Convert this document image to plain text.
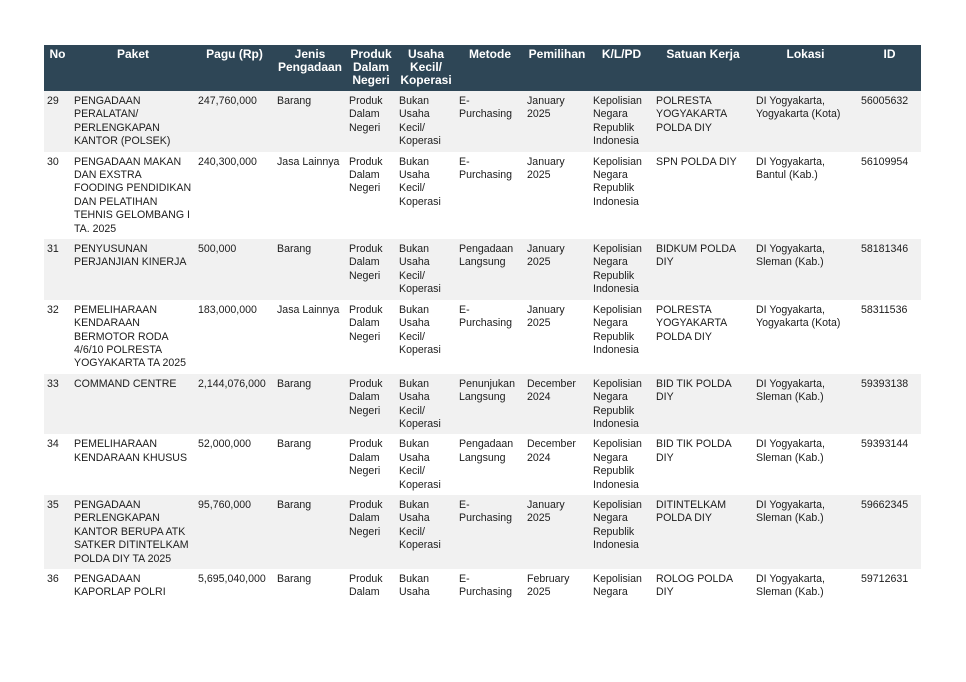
No	Paket	Pagu (Rp)	Jenis Pengadaan	Produk Dalam Negeri	Usaha Kecil/ Koperasi	Metode	Pemilihan	K/L/PD	Satuan Kerja	Lokasi	ID
29	PENGADAAN PERALATAN/ PERLENGKAPAN KANTOR (POLSEK)	247,760,000	Barang	Produk Dalam Negeri	Bukan Usaha Kecil/ Koperasi	E- Purchasing	January 2025	Kepolisian Negara Republik Indonesia	POLRESTA YOGYAKARTA POLDA DIY	DI Yogyakarta, Yogyakarta (Kota)	56005632
30	PENGADAAN MAKAN DAN EXSTRA FOODING PENDIDIKAN DAN PELATIHAN TEHNIS GELOMBANG I TA. 2025	240,300,000	Jasa Lainnya	Produk Dalam Negeri	Bukan Usaha Kecil/ Koperasi	E- Purchasing	January 2025	Kepolisian Negara Republik Indonesia	SPN POLDA DIY	DI Yogyakarta, Bantul (Kab.)	56109954
31	PENYUSUNAN PERJANJIAN KINERJA	500,000	Barang	Produk Dalam Negeri	Bukan Usaha Kecil/ Koperasi	Pengadaan Langsung	January 2025	Kepolisian Negara Republik Indonesia	BIDKUM POLDA DIY	DI Yogyakarta, Sleman (Kab.)	58181346
32	PEMELIHARAAN KENDARAAN BERMOTOR RODA 4/6/10 POLRESTA YOGYAKARTA TA 2025	183,000,000	Jasa Lainnya	Produk Dalam Negeri	Bukan Usaha Kecil/ Koperasi	E- Purchasing	January 2025	Kepolisian Negara Republik Indonesia	POLRESTA YOGYAKARTA POLDA DIY	DI Yogyakarta, Yogyakarta (Kota)	58311536
33	COMMAND CENTRE	2,144,076,000	Barang	Produk Dalam Negeri	Bukan Usaha Kecil/ Koperasi	Penunjukan Langsung	December 2024	Kepolisian Negara Republik Indonesia	BID TIK POLDA DIY	DI Yogyakarta, Sleman (Kab.)	59393138
34	PEMELIHARAAN KENDARAAN KHUSUS	52,000,000	Barang	Produk Dalam Negeri	Bukan Usaha Kecil/ Koperasi	Pengadaan Langsung	December 2024	Kepolisian Negara Republik Indonesia	BID TIK POLDA DIY	DI Yogyakarta, Sleman (Kab.)	59393144
35	PENGADAAN PERLENGKAPAN KANTOR BERUPA ATK SATKER DITINTELKAM POLDA DIY TA 2025	95,760,000	Barang	Produk Dalam Negeri	Bukan Usaha Kecil/ Koperasi	E- Purchasing	January 2025	Kepolisian Negara Republik Indonesia	DITINTELKAM POLDA DIY	DI Yogyakarta, Sleman (Kab.)	59662345
36	PENGADAAN KAPORLAP POLRI	5,695,040,000	Barang	Produk Dalam	Bukan Usaha	E- Purchasing	February 2025	Kepolisian Negara	ROLOG POLDA DIY	DI Yogyakarta, Sleman (Kab.)	59712631
